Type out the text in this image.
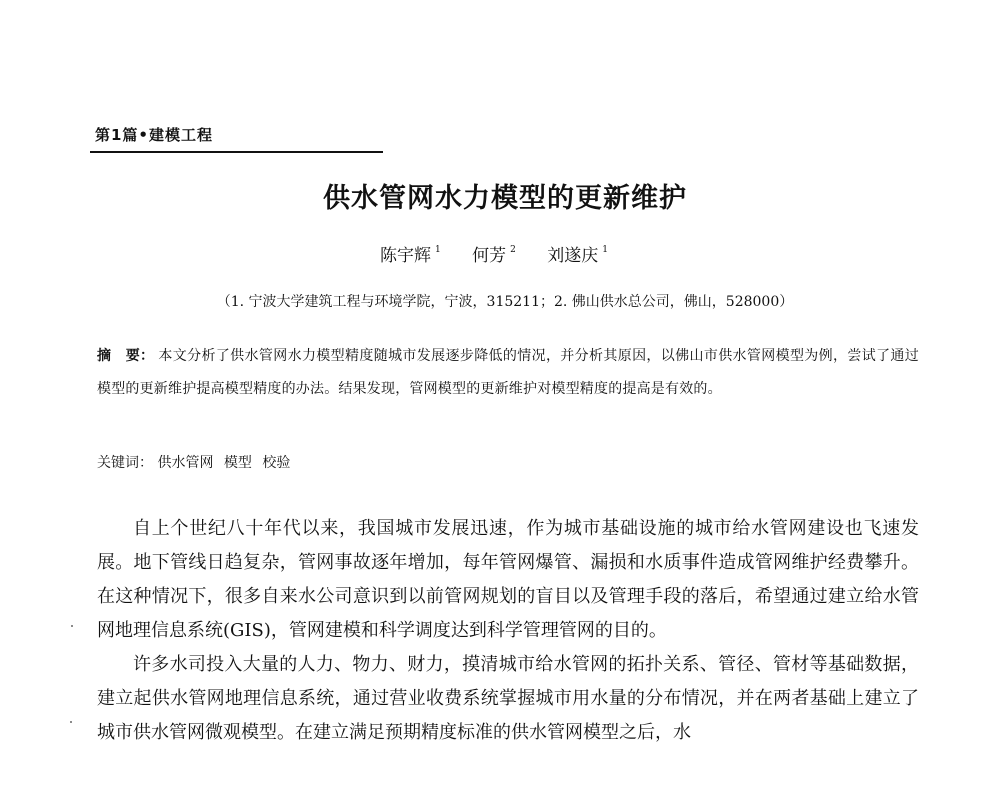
第1篇•建模工程
供水管网水力模型的更新维护
陈宇辉 $^1$ 何芳 $^2$ 刘遂庆 $^1$
（1. 宁波大学建筑工程与环境学院，宁波，315211；2. 佛山供水总公司，佛山，528000）
摘　要： 本文分析了供水管网水力模型精度随城市发展逐步降低的情况，并分析其原因，以佛山市供水管网模型为例，尝试了通过模型的更新维护提高模型精度的办法。结果发现，管网模型的更新维护对模型精度的提高是有效的。
关键词： 供水管网 模型 校验

自上个世纪八十年代以来，我国城市发展迅速，作为城市基础设施的城市给水管网建设也飞速发展。地下管线日趋复杂，管网事故逐年增加，每年管网爆管、漏损和水质事件造成管网维护经费攀升。在这种情况下，很多自来水公司意识到以前管网规划的盲目以及管理手段的落后，希望通过建立给水管网地理信息系统(GIS)，管网建模和科学调度达到科学管理管网的目的。

许多水司投入大量的人力、物力、财力，摸清城市给水管网的拓扑关系、管径、管材等基础数据，建立起供水管网地理信息系统，通过营业收费系统掌握城市用水量的分布情况，并在两者基础上建立了城市供水管网微观模型。在建立满足预期精度标准的供水管网模型之后，水
